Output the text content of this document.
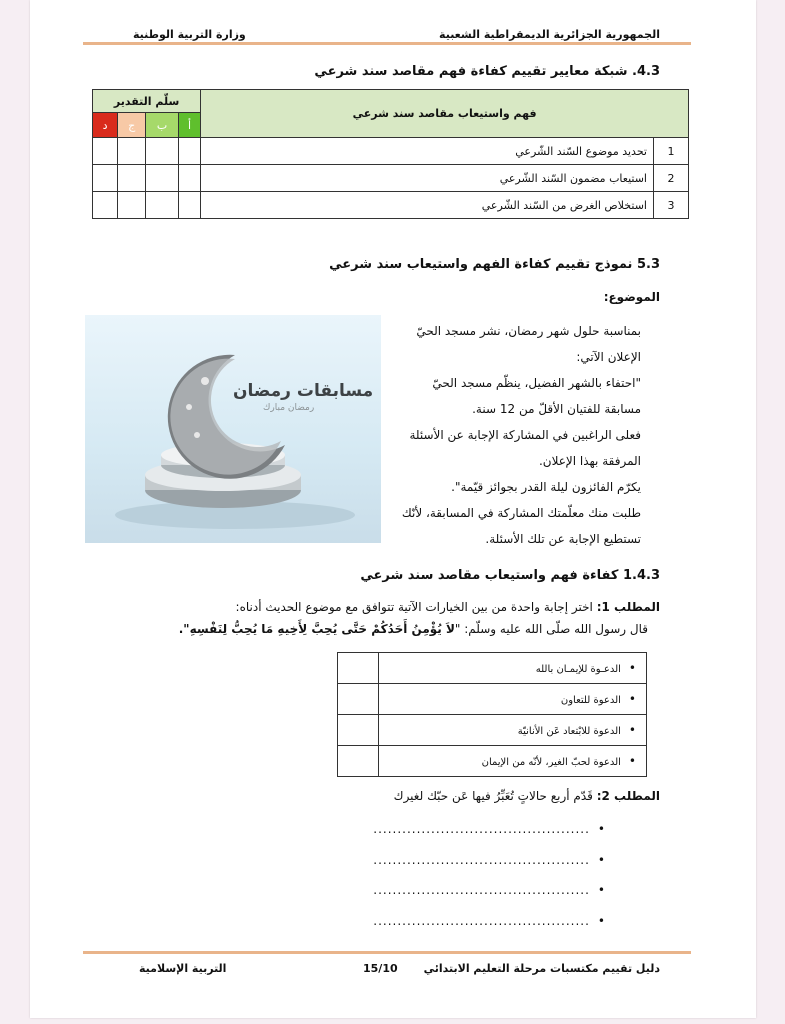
الجمهورية الجزائرية الديمقراطية الشعبية
وزارة التربية الوطنية
4.3. شبكة معايير تقييم كفاءة فهم مقاصد سند شرعي
فهم واستيعاب مقاصد سند شرعي		سلّم التقدير			
		أ	ب	ج	د
1	تحديد موضوع السّند الشّرعي				
2	استيعاب مضمون السّند الشّرعي				
3	استخلاص الغرض من السّند الشّرعي				
5.3 نموذج تقييم كفاءة الفهم واستيعاب سند شرعي
الموضوع:
مسابقات رمضان
رمضان مبارك
بمناسبة حلول شهر رمضان، نشر مسجد الحيّ
الإعلان الآتي:
"احتفاء بالشهر الفضيل، ينظّم مسجد الحيّ
مسابقة للفتيان الأقلّ من 12 سنة.
فعلى الراغبين في المشاركة الإجابة عن الأسئلة
المرفقة بهذا الإعلان.
يكرّم الفائزون ليلة القدر بجوائز قيّمة".
طلبت منك معلّمتك المشاركة في المسابقة، لأنّك
تستطيع الإجابة عن تلك الأسئلة.
1.4.3 كفاءة فهم واستيعاب مقاصد سند شرعي
المطلب 1: اختر إجابة واحدة من بين الخيارات الآتية تتوافق مع موضوع الحديث أدناه:
قال رسول الله صلّى الله عليه وسلّم: "لاَ يُؤْمِنُ أَحَدُكُمْ حَتَّى يُحِبَّ لِأَخِيهِ مَا يُحِبُّ لِنَفْسِهِ".
• الدعـوة للإيمـان بالله	
• الدعوة للتعاون	
• الدعوة للابْتعاد عَن الأنانيّة	
• الدعوة لحبّ الغير، لأنّه من الإيمان	
المطلب 2: قَدّم أربع حالاتٍ تُعَبِّرُ فيها عَن حبّك لغيرك
• .............................................
• .............................................
• .............................................
• .............................................
دليل تقييم مكتسبات مرحلة التعليم الابتدائي
15/10
التربية الإسلامية
